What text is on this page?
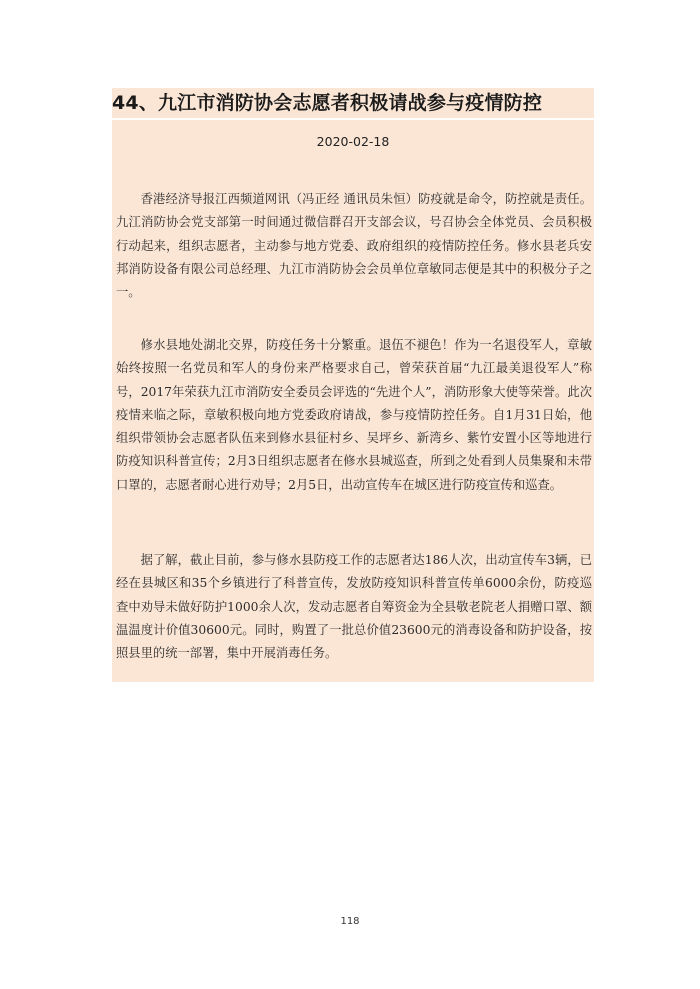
44、九江市消防协会志愿者积极请战参与疫情防控
2020-02-18

香港经济导报江西频道网讯（冯正经 通讯员朱恒）防疫就是命令，防控就是责任。九江消防协会党支部第一时间通过微信群召开支部会议，号召协会全体党员、会员积极行动起来，组织志愿者，主动参与地方党委、政府组织的疫情防控任务。修水县老兵安邦消防设备有限公司总经理、九江市消防协会会员单位章敏同志便是其中的积极分子之一。

修水县地处湖北交界，防疫任务十分繁重。退伍不褪色！作为一名退役军人，章敏始终按照一名党员和军人的身份来严格要求自己，曾荣获首届“九江最美退役军人”称号，2017年荣获九江市消防安全委员会评选的“先进个人”，消防形象大使等荣誉。此次疫情来临之际，章敏积极向地方党委政府请战，参与疫情防控任务。自1月31日始，他组织带领协会志愿者队伍来到修水县征村乡、吴坪乡、新湾乡、紫竹安置小区等地进行防疫知识科普宣传；2月3日组织志愿者在修水县城巡查，所到之处看到人员集聚和未带口罩的，志愿者耐心进行劝导；2月5日，出动宣传车在城区进行防疫宣传和巡查。

据了解，截止目前，参与修水县防疫工作的志愿者达186人次，出动宣传车3辆，已经在县城区和35个乡镇进行了科普宣传，发放防疫知识科普宣传单6000余份，防疫巡查中劝导未做好防护1000余人次，发动志愿者自筹资金为全县敬老院老人捐赠口罩、额温温度计价值30600元。同时，购置了一批总价值23600元的消毒设备和防护设备，按照县里的统一部署，集中开展消毒任务。

118
